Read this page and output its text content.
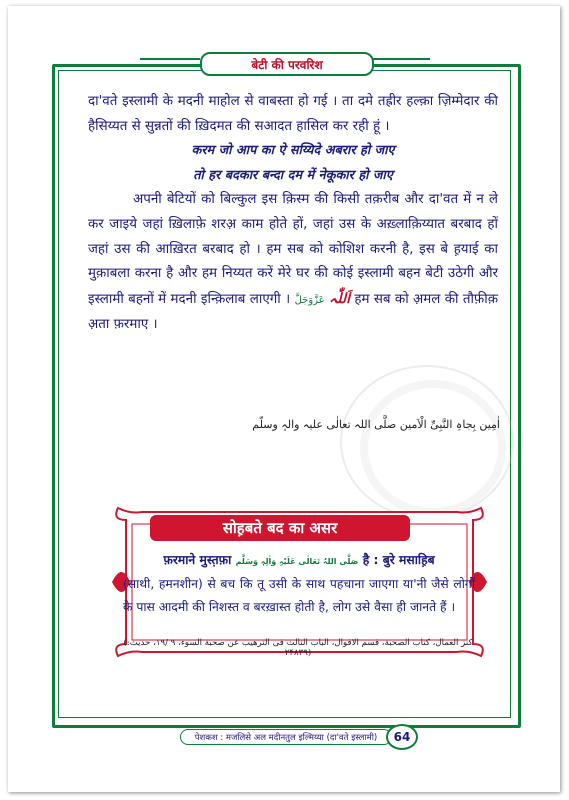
बेटी की परवरिश

दा'वते इस्लामी के मदनी माहोल से वाबस्ता हो गई । ता दमे तह्रीर हल्क़ा ज़िम्मेदार की हैसिय्यत से सुन्नतों की ख़िदमत की सआदत हासिल कर रही हूं ।

करम जो आप का ऐ सय्यिदे अबरार हो जाए

तो हर बदकार बन्दा दम में नेकूकार हो जाए

अपनी बेटियों को बिल्कुल इस क़िस्म की किसी तक़रीब और दा'वत में न ले कर जाइये जहां ख़िलाफ़े शरअ़ काम होते हों, जहां उस के अख़्लाक़िय्यात बरबाद हों जहां उस की आख़िरत बरबाद हो । हम सब को कोशिश करनी है, इस बे ह़याई का मुक़ाबला करना है और हम निय्यत करें मेरे घर की कोई इस्लामी बहन बेटी उठेगी और इस्लामी बहनों में मदनी इन्क़िलाब लाएगी ।	اَللّٰہ عَزَّوَجَلَّ हम सब को अ़मल की तौफ़ीक़ अ़ता फ़रमाए ।

اٰمِین بِجاہِ النَّبِیِّ الْاَمین صلَّی اللہ تعالٰی علیہ والہٖ وسلّم
सोह़बते बद का असर
फ़रमाने मुस्त़फ़ा صَلَّی اللہُ تَعَالٰی عَلَیْہِ وَاٰلِہٖ وَسَلَّم है : बुरे मसाह़िब
(साथी, हमनशीन) से बच कि तू उसी के साथ पहचाना जाएगा या'नी जैसे लोगों के पास आदमी की निशस्त व बरख़ास्त होती है, लोग उसे वैसा ही जानते हैं ।
(کنز العمال، کتاب الصحبة، قسم الاقوال، الباب الثالث فی الترھیب عن صحبة السوء، ۹ /۱۹، حدیث: ۲۴۸۳۹)
पेशकश : मजलिसे अल मदीनतुल इल्मिय्या (दा'वते इस्लामी)	64
